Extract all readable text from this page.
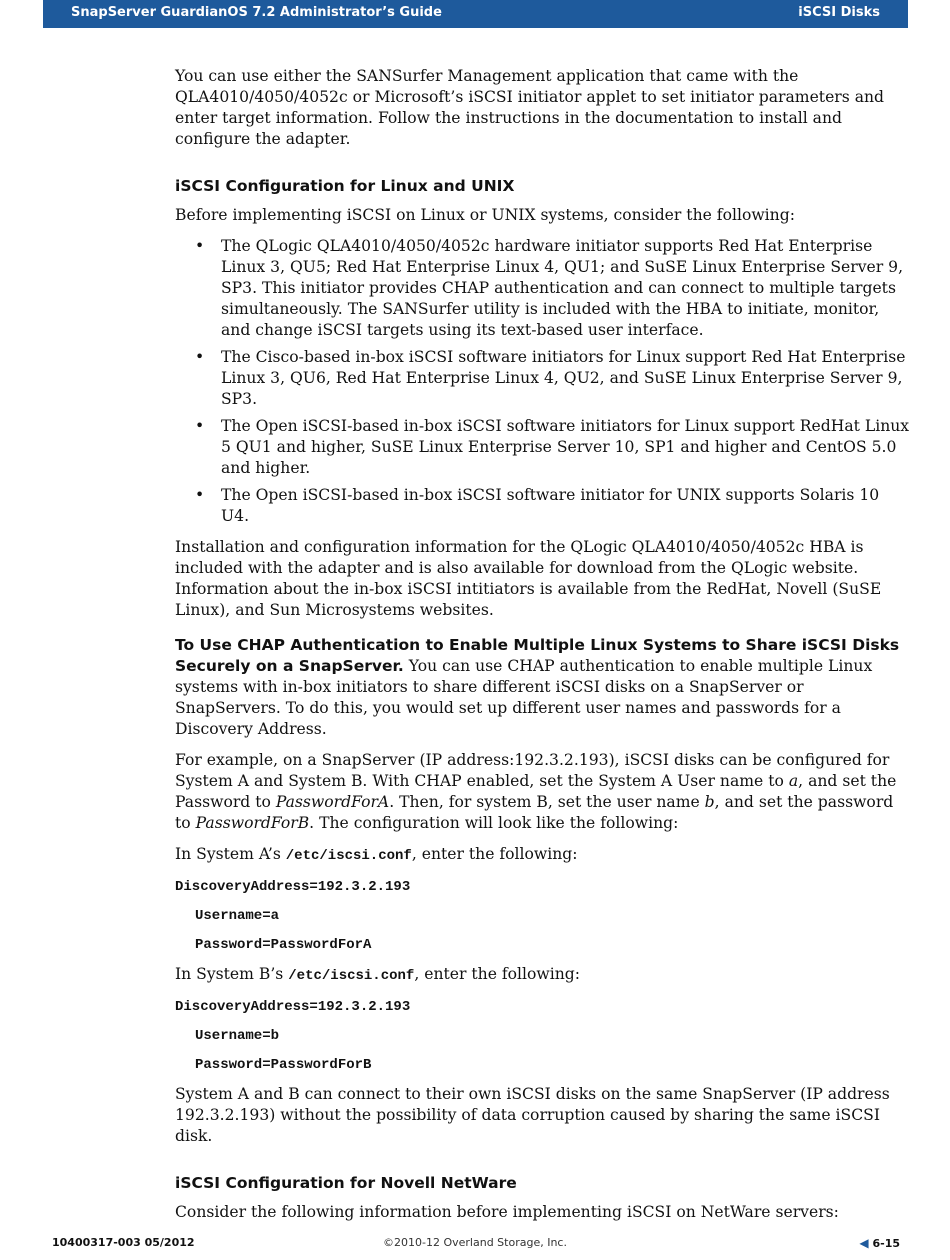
SnapServer GuardianOS 7.2 Administrator’s Guide	iSCSI Disks

You can use either the SANSurfer Management application that came with the QLA4010/4050/4052c or Microsoft’s iSCSI initiator applet to set initiator parameters and enter target information. Follow the instructions in the documentation to install and configure the adapter.

iSCSI Configuration for Linux and UNIX

Before implementing iSCSI on Linux or UNIX systems, consider the following:

• The QLogic QLA4010/4050/4052c hardware initiator supports Red Hat Enterprise Linux 3, QU5; Red Hat Enterprise Linux 4, QU1; and SuSE Linux Enterprise Server 9, SP3. This initiator provides CHAP authentication and can connect to multiple targets simultaneously. The SANSurfer utility is included with the HBA to initiate, monitor, and change iSCSI targets using its text-based user interface.
• The Cisco-based in-box iSCSI software initiators for Linux support Red Hat Enterprise Linux 3, QU6, Red Hat Enterprise Linux 4, QU2, and SuSE Linux Enterprise Server 9, SP3.
• The Open iSCSI-based in-box iSCSI software initiators for Linux support RedHat Linux 5 QU1 and higher, SuSE Linux Enterprise Server 10, SP1 and higher and CentOS 5.0 and higher.
• The Open iSCSI-based in-box iSCSI software initiator for UNIX supports Solaris 10 U4.

Installation and configuration information for the QLogic QLA4010/4050/4052c HBA is included with the adapter and is also available for download from the QLogic website. Information about the in-box iSCSI intitiators is available from the RedHat, Novell (SuSE Linux), and Sun Microsystems websites.

To Use CHAP Authentication to Enable Multiple Linux Systems to Share iSCSI Disks Securely on a SnapServer. You can use CHAP authentication to enable multiple Linux systems with in-box initiators to share different iSCSI disks on a SnapServer or SnapServers. To do this, you would set up different user names and passwords for a Discovery Address.

For example, on a SnapServer (IP address:192.3.2.193), iSCSI disks can be configured for System A and System B. With CHAP enabled, set the System A User name to a, and set the Password to PasswordForA. Then, for system B, set the user name b, and set the password to PasswordForB. The configuration will look like the following:

In System A’s /etc/iscsi.conf, enter the following:

DiscoveryAddress=192.3.2.193
Username=a
Password=PasswordForA

In System B’s /etc/iscsi.conf, enter the following:

DiscoveryAddress=192.3.2.193
Username=b
Password=PasswordForB

System A and B can connect to their own iSCSI disks on the same SnapServer (IP address 192.3.2.193) without the possibility of data corruption caused by sharing the same iSCSI disk.

iSCSI Configuration for Novell NetWare

Consider the following information before implementing iSCSI on NetWare servers:

10400317-003 05/2012	©2010-12 Overland Storage, Inc.	◀ 6-15
